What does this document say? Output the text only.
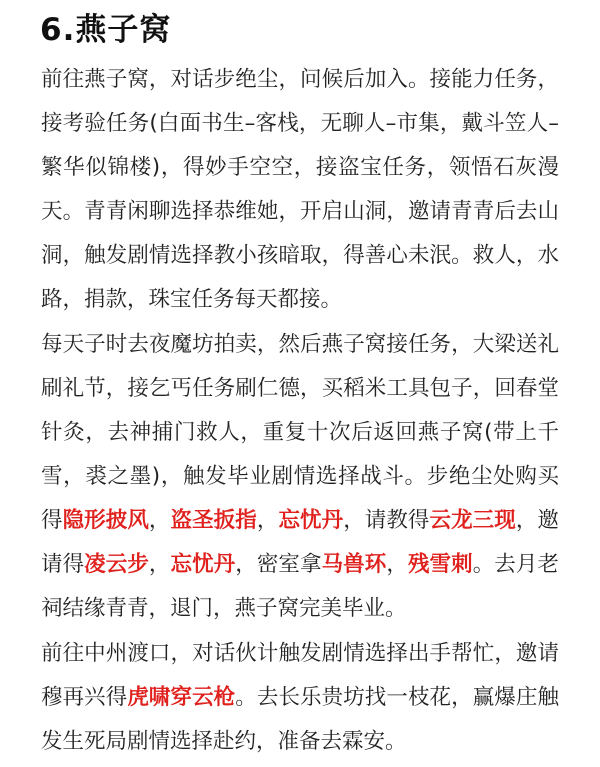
6.燕子窝

前往燕子窝，对话步绝尘，问候后加入。接能力任务，接考验任务(白面书生–客栈，无聊人–市集，戴斗笠人–繁华似锦楼)，得妙手空空，接盗宝任务，领悟石灰漫天。青青闲聊选择恭维她，开启山洞，邀请青青后去山洞，触发剧情选择教小孩暗取，得善心未泯。救人，水路，捐款，珠宝任务每天都接。

每天子时去夜魔坊拍卖，然后燕子窝接任务，大梁送礼刷礼节，接乞丐任务刷仁德，买稻米工具包子，回春堂针灸，去神捕门救人，重复十次后返回燕子窝(带上千雪，裘之墨)，触发毕业剧情选择战斗。步绝尘处购买得隐形披风，盗圣扳指，忘忧丹，请教得云龙三现，邀请得凌云步，忘忧丹，密室拿马兽环，残雪刺。去月老祠结缘青青，退门，燕子窝完美毕业。

前往中州渡口，对话伙计触发剧情选择出手帮忙，邀请穆再兴得虎啸穿云枪。去长乐贵坊找一枝花，赢爆庄触发生死局剧情选择赴约，准备去霖安。
